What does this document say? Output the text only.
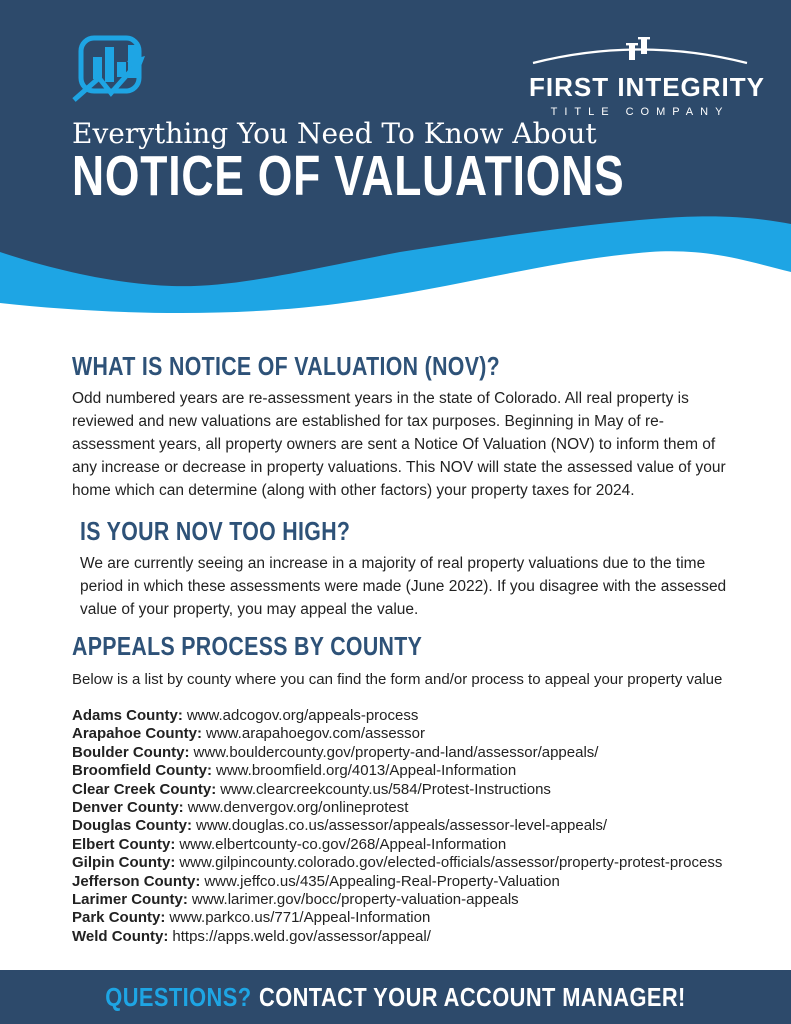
FIRST INTEGRITY
TITLE COMPANY
Everything You Need To Know About
NOTICE OF VALUATIONS
WHAT IS NOTICE OF VALUATION (NOV)?

Odd numbered years are re-assessment years in the state of Colorado. All real property is reviewed and new valuations are established for tax purposes. Beginning in May of re-assessment years, all property owners are sent a Notice Of Valuation (NOV) to inform them of any increase or decrease in property valuations. This NOV will state the assessed value of your home which can determine (along with other factors) your property taxes for 2024.

IS YOUR NOV TOO HIGH?

We are currently seeing an increase in a majority of real property valuations due to the time period in which these assessments were made (June 2022). If you disagree with the assessed value of your property, you may appeal the value.

APPEALS PROCESS BY COUNTY

Below is a list by county where you can find the form and/or process to appeal your property value

Adams County: www.adcogov.org/appeals-process
Arapahoe County: www.arapahoegov.com/assessor
Boulder County: www.bouldercounty.gov/property-and-land/assessor/appeals/
Broomfield County: www.broomfield.org/4013/Appeal-Information
Clear Creek County: www.clearcreekcounty.us/584/Protest-Instructions
Denver County: www.denvergov.org/onlineprotest
Douglas County: www.douglas.co.us/assessor/appeals/assessor-level-appeals/
Elbert County: www.elbertcounty-co.gov/268/Appeal-Information
Gilpin County: www.gilpincounty.colorado.gov/elected-officials/assessor/property-protest-process
Jefferson County: www.jeffco.us/435/Appealing-Real-Property-Valuation
Larimer County: www.larimer.gov/bocc/property-valuation-appeals
Park County: www.parkco.us/771/Appeal-Information
Weld County: https://apps.weld.gov/assessor/appeal/
QUESTIONS? CONTACT YOUR ACCOUNT MANAGER!
